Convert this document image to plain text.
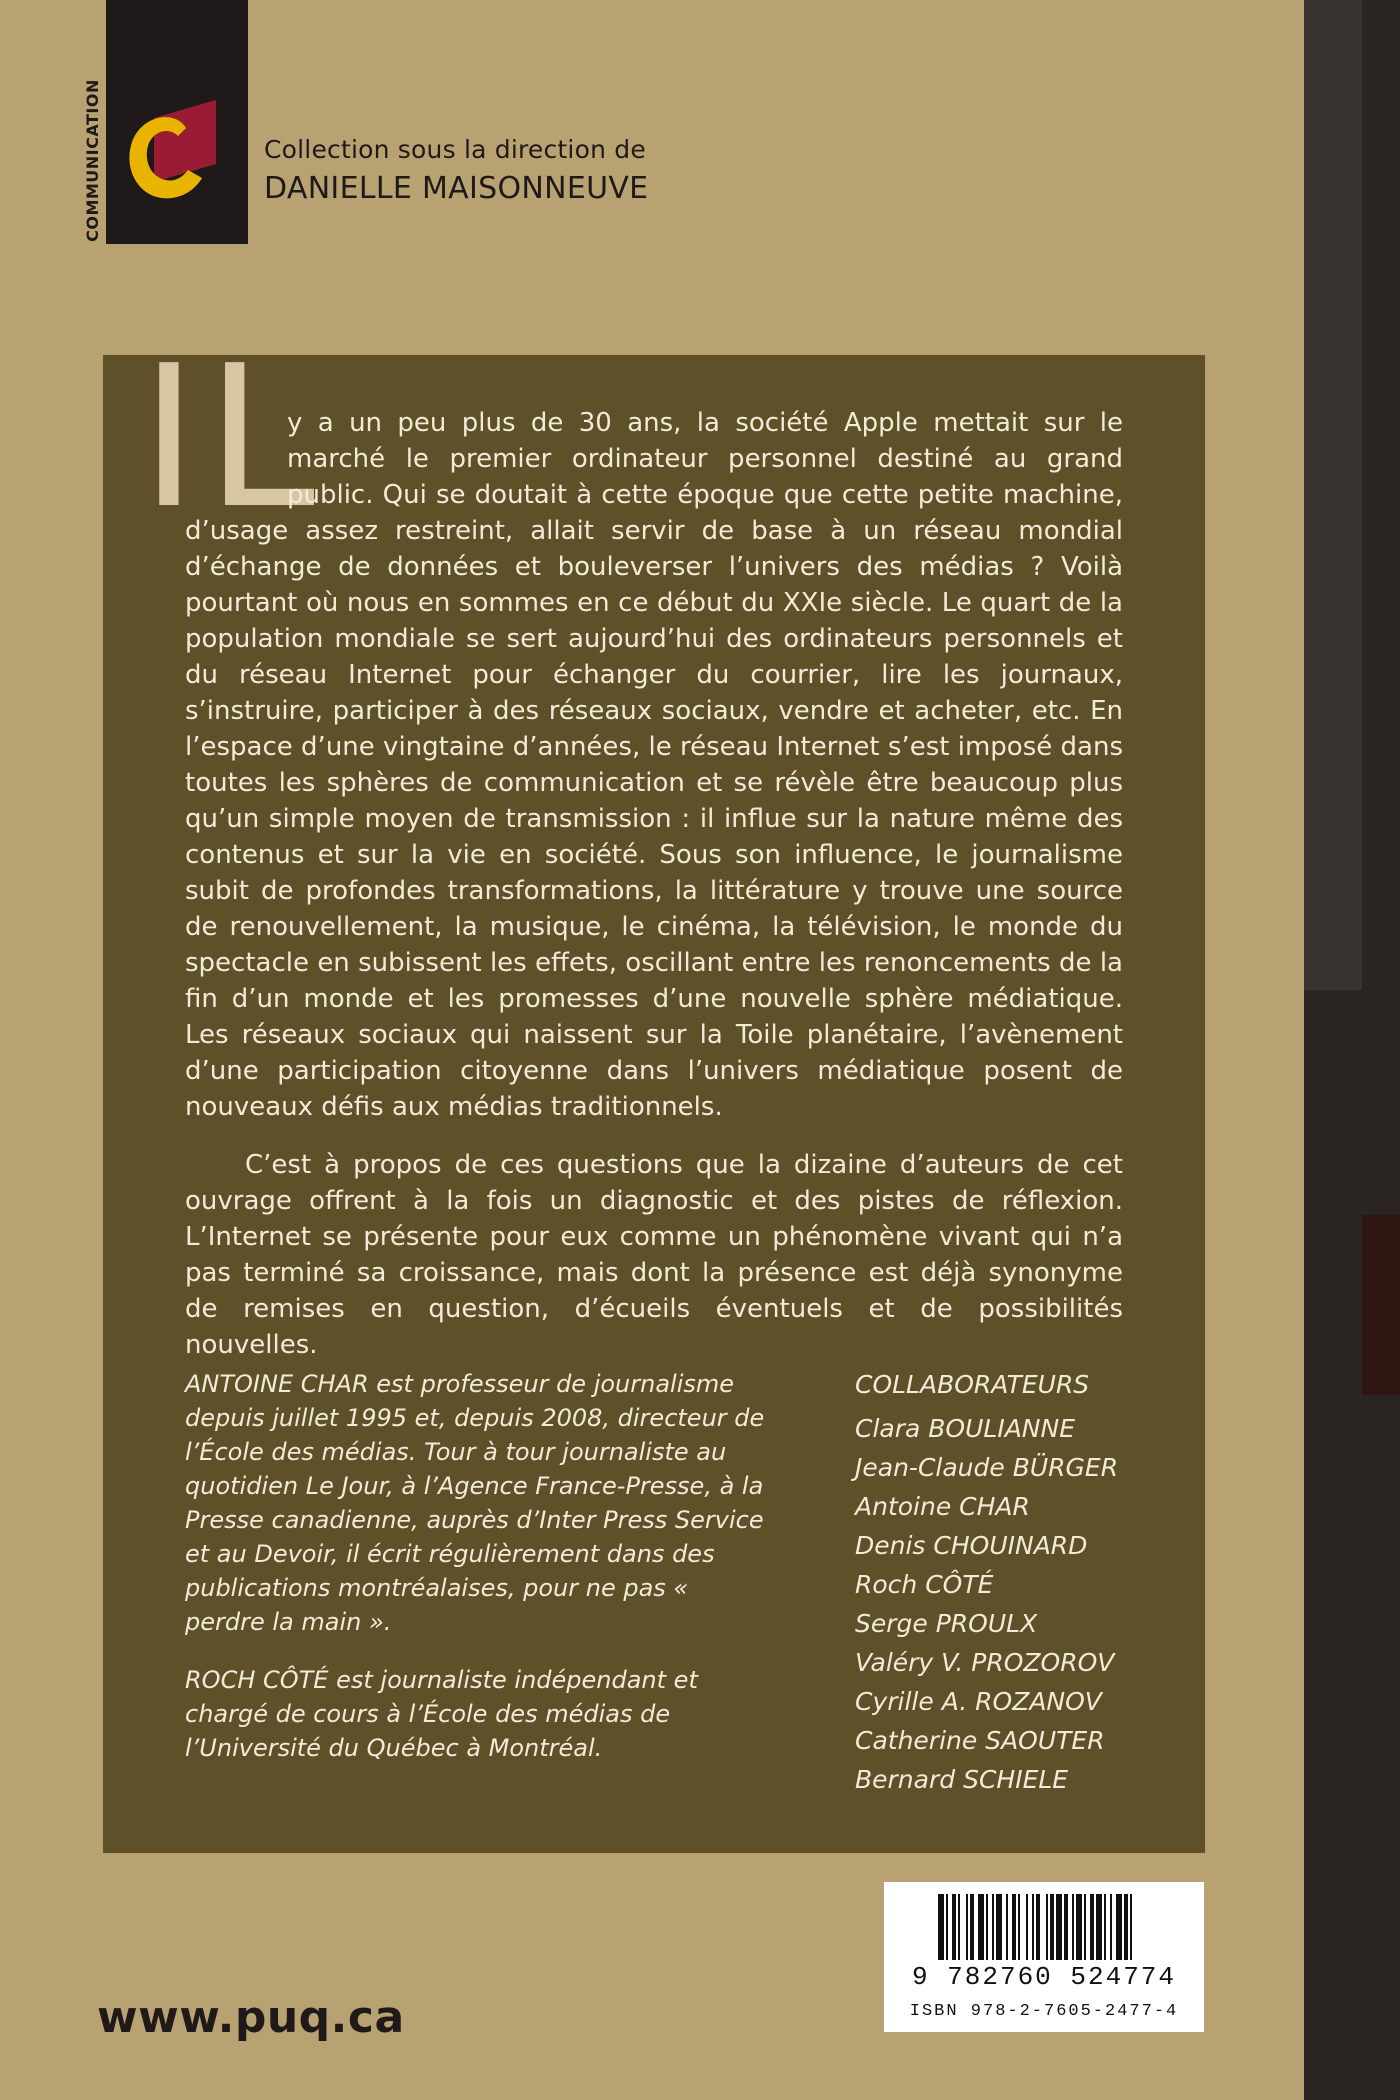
COMMUNICATION	Collection sous la direction de
DANIELLE MAISONNEUVE
IL

y a un peu plus de 30 ans, la société Apple mettait sur le marché le premier ordinateur personnel destiné au grand public. Qui se doutait à cette époque que cette petite machine, d’usage assez restreint, allait servir de base à un réseau mondial d’échange de données et bouleverser l’univers des médias ? Voilà pourtant où nous en sommes en ce début du XXIe siècle. Le quart de la population mondiale se sert aujourd’hui des ordinateurs personnels et du réseau Internet pour échanger du courrier, lire les journaux, s’instruire, participer à des réseaux sociaux, vendre et acheter, etc. En l’espace d’une vingtaine d’années, le réseau Internet s’est imposé dans toutes les sphères de communication et se révèle être beaucoup plus qu’un simple moyen de transmission : il influe sur la nature même des contenus et sur la vie en société. Sous son influence, le journalisme subit de profondes transformations, la littérature y trouve une source de renouvellement, la musique, le cinéma, la télévision, le monde du spectacle en subissent les effets, oscillant entre les renoncements de la fin d’un monde et les promesses d’une nouvelle sphère médiatique. Les réseaux sociaux qui naissent sur la Toile planétaire, l’avènement d’une participation citoyenne dans l’univers médiatique posent de nouveaux défis aux médias traditionnels.

C’est à propos de ces questions que la dizaine d’auteurs de cet ouvrage offrent à la fois un diagnostic et des pistes de réflexion. L’Internet se présente pour eux comme un phénomène vivant qui n’a pas terminé sa croissance, mais dont la présence est déjà synonyme de remises en question, d’écueils éventuels et de possibilités nouvelles.

ANTOINE CHAR est professeur de journalisme depuis juillet 1995 et, depuis 2008, directeur de l’École des médias. Tour à tour journaliste au quotidien Le Jour, à l’Agence France-Presse, à la Presse canadienne, auprès d’Inter Press Service et au Devoir, il écrit régulièrement dans des publications montréalaises, pour ne pas « perdre la main ».

ROCH CÔTÉ est journaliste indépendant et chargé de cours à l’École des médias de l’Université du Québec à Montréal.

COLLABORATEURS
Clara BOULIANNE
Jean-Claude BÜRGER
Antoine CHAR
Denis CHOUINARD
Roch CÔTÉ
Serge PROULX
Valéry V. PROZOROV
Cyrille A. ROZANOV
Catherine SAOUTER
Bernard SCHIELE
9 782760 524774
ISBN 978-2-7605-2477-4
www.puq.ca
